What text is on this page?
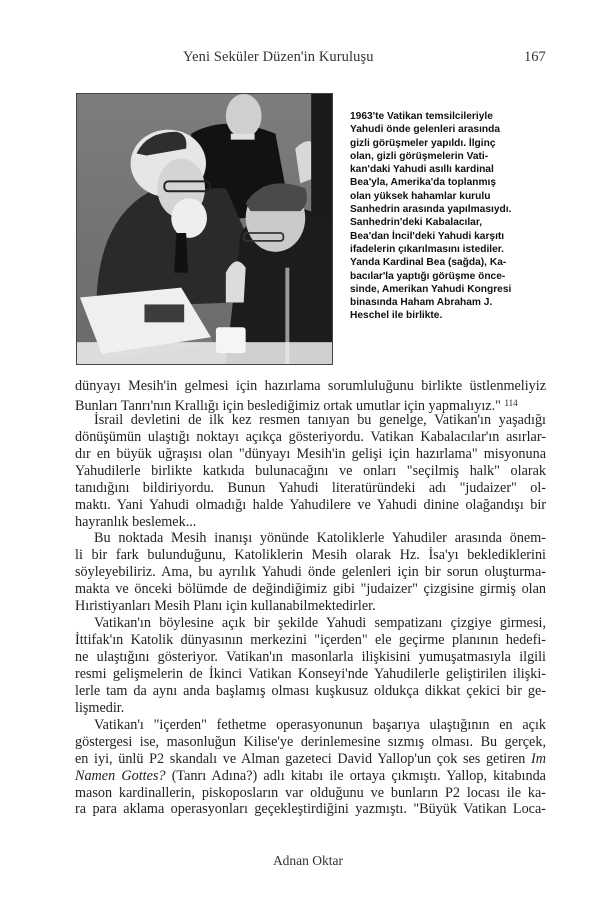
Yeni Seküler Düzen'in Kuruluşu	167
1963'te Vatikan temsilcileriyle
Yahudi önde gelenleri arasında
gizli görüşmeler yapıldı. İlginç
olan, gizli görüşmelerin Vati-
kan'daki Yahudi asıllı kardinal
Bea'yla, Amerika'da toplanmış
olan yüksek hahamlar kurulu
Sanhedrin arasında yapılmasıydı.
Sanhedrin'deki Kabalacılar,
Bea'dan İncil'deki Yahudi karşıtı
ifadelerin çıkarılmasını istediler.
Yanda Kardinal Bea (sağda), Ka-
bacılar'la yaptığı görüşme önce-
sinde, Amerikan Yahudi Kongresi
binasında Haham Abraham J.
Heschel ile birlikte.
dünyayı Mesih'in gelmesi için hazırlama sorumluluğunu birlikte üstlenmeliyiz
Bunları Tanrı'nın Krallığı için beslediğimiz ortak umutlar için yapmalıyız." $^{114}$
İsrail devletini de ilk kez resmen tanıyan bu genelge, Vatikan'ın yaşadığı
dönüşümün ulaştığı noktayı açıkça gösteriyordu. Vatikan Kabalacılar'ın asırlar-
dır en büyük uğraşısı olan "dünyayı Mesih'in gelişi için hazırlama" misyonuna
Yahudilerle birlikte katkıda bulunacağını ve onları "seçilmiş halk" olarak
tanıdığını bildiriyordu. Bunun Yahudi literatüründeki adı "judaizer" ol-
maktı. Yani Yahudi olmadığı halde Yahudilere ve Yahudi dinine olağandışı bir
hayranlık beslemek...
Bu noktada Mesih inanışı yönünde Katoliklerle Yahudiler arasında önem-
li bir fark bulunduğunu, Katoliklerin Mesih olarak Hz. İsa'yı beklediklerini
söyleyebiliriz. Ama, bu ayrılık Yahudi önde gelenleri için bir sorun oluşturma-
makta ve önceki bölümde de değindiğimiz gibi "judaizer" çizgisine girmiş olan
Hıristiyanları Mesih Planı için kullanabilmektedirler.
Vatikan'ın böylesine açık bir şekilde Yahudi sempatizanı çizgiye girmesi,
İttifak'ın Katolik dünyasının merkezini "içerden" ele geçirme planının hedefi-
ne ulaştığını gösteriyor. Vatikan'ın masonlarla ilişkisini yumuşatmasıyla ilgili
resmi gelişmelerin de İkinci Vatikan Konseyi'nde Yahudilerle geliştirilen ilişki-
lerle tam da aynı anda başlamış olması kuşkusuz oldukça dikkat çekici bir ge-
lişmedir.
Vatikan'ı "içerden" fethetme operasyonunun başarıya ulaştığının en açık
göstergesi ise, masonluğun Kilise'ye derinlemesine sızmış olması. Bu gerçek,
en iyi, ünlü P2 skandalı ve Alman gazeteci David Yallop'un çok ses getiren Im
Namen Gottes? (Tanrı Adına?) adlı kitabı ile ortaya çıkmıştı. Yallop, kitabında
mason kardinallerin, piskoposların var olduğunu ve bunların P2 locası ile ka-
ra para aklama operasyonları geçekleştirdiğini yazmıştı. "Büyük Vatikan Loca-
Adnan Oktar
